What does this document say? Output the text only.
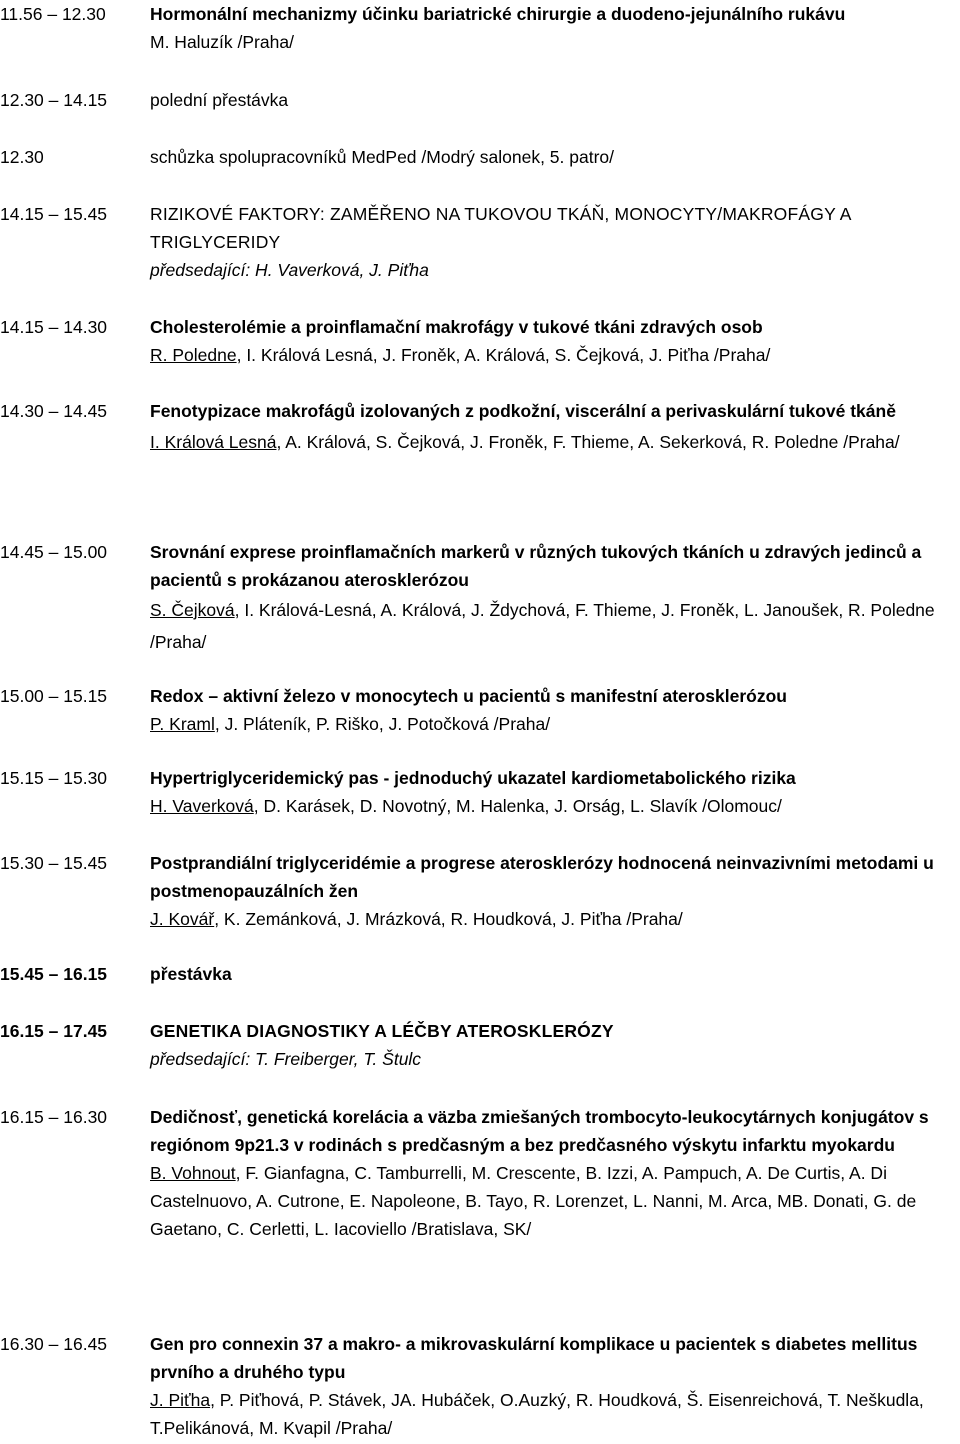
11.56 – 12.30	Hormonální mechanizmy účinku bariatrické chirurgie a duodeno-jejunálního rukávu
M. Haluzík /Praha/
12.30 – 14.15	polední přestávka
12.30	schůzka spolupracovníků MedPed /Modrý salonek, 5. patro/
14.15 – 15.45	RIZIKOVÉ FAKTORY: ZAMĚŘENO NA TUKOVOU TKÁŇ, MONOCYTY/MAKROFÁGY A TRIGLYCERIDY
předsedající: H. Vaverková, J. Piťha
14.15 – 14.30	Cholesterolémie a proinflamační makrofágy v tukové tkáni zdravých osob
R. Poledne, I. Králová Lesná, J. Froněk, A. Králová, S. Čejková, J. Piťha /Praha/
14.30 – 14.45	Fenotypizace makrofágů izolovaných z podkožní, viscerální a perivaskulární tukové tkáně
I. Králová Lesná, A. Králová, S. Čejková, J. Froněk, F. Thieme, A. Sekerková, R. Poledne /Praha/
14.45 – 15.00	Srovnání exprese proinflamačních markerů v různých tukových tkáních u zdravých jedinců a pacientů s prokázanou aterosklerózou
S. Čejková, I. Králová-Lesná, A. Králová, J. Ždychová, F. Thieme, J. Froněk, L. Janoušek, R. Poledne /Praha/
15.00 – 15.15	Redox – aktivní železo v monocytech u pacientů s manifestní aterosklerózou
P. Kraml, J. Pláteník, P. Riško, J. Potočková /Praha/
15.15 – 15.30	Hypertriglyceridemický pas - jednoduchý ukazatel kardiometabolického rizika
H. Vaverková, D. Karásek, D. Novotný, M. Halenka, J. Orság, L. Slavík /Olomouc/
15.30 – 15.45	Postprandiální triglyceridémie a progrese aterosklerózy hodnocená neinvazivními metodami u postmenopauzálních žen
J. Kovář, K. Zemánková, J. Mrázková, R. Houdková, J. Piťha /Praha/
15.45 – 16.15	přestávka
16.15 – 17.45	GENETIKA DIAGNOSTIKY A LÉČBY ATEROSKLERÓZY
předsedající: T. Freiberger, T. Štulc
16.15 – 16.30	Dedičnosť, genetická korelácia a väzba zmiešaných trombocyto-leukocytárnych konjugátov s regiónom 9p21.3 v rodinách s predčasným a bez predčasného výskytu infarktu myokardu
B. Vohnout, F. Gianfagna, C. Tamburrelli, M. Crescente, B. Izzi, A. Pampuch, A. De Curtis, A. Di Castelnuovo, A. Cutrone, E. Napoleone, B. Tayo, R. Lorenzet, L. Nanni, M. Arca, MB. Donati, G. de Gaetano, C. Cerletti, L. Iacoviello /Bratislava, SK/
16.30 – 16.45	Gen pro connexin 37 a makro- a mikrovaskulární komplikace u pacientek s diabetes mellitus prvního a druhého typu
J. Piťha, P. Piťhová, P. Stávek, JA. Hubáček, O.Auzký, R. Houdková, Š. Eisenreichová, T. Neškudla, T.Pelikánová, M. Kvapil /Praha/
